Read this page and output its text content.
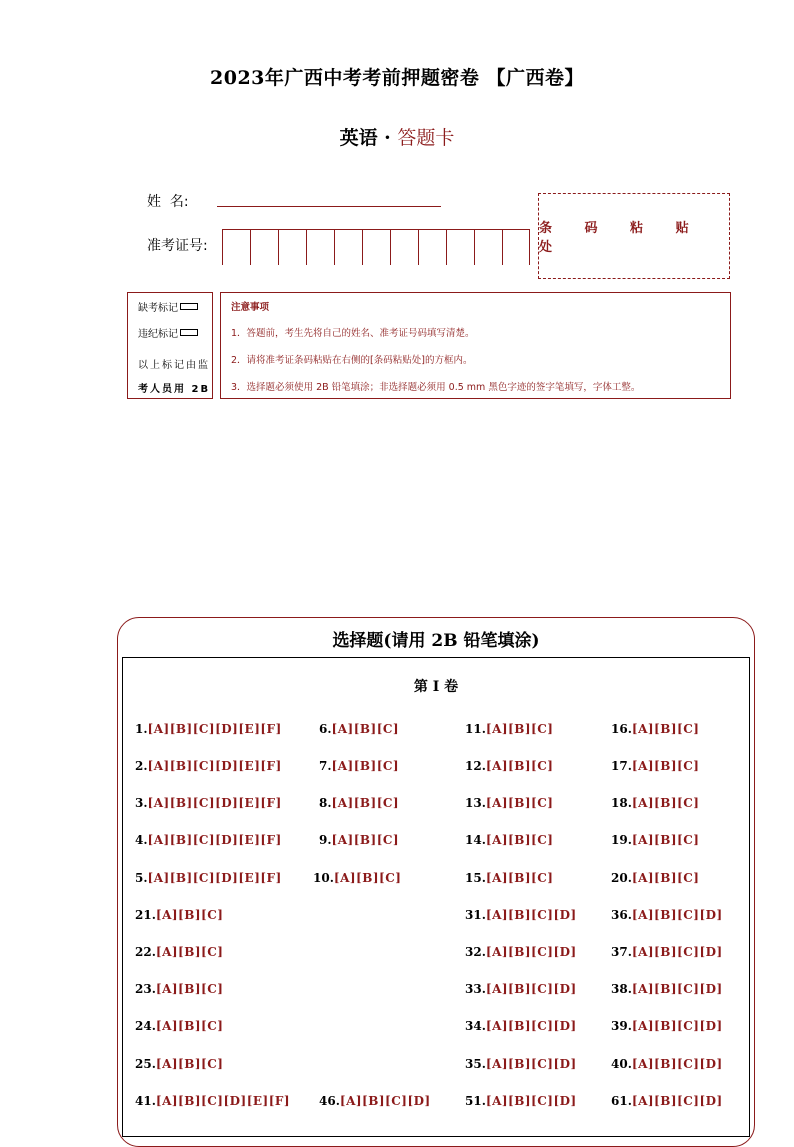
2023年广西中考考前押题密卷 【广西卷】
英语 · 答题卡
姓  名:
准考证号:
条 码 粘 贴 处
缺考标记
违纪标记
以上标记由监
考人员用 2B
注意事项
1．答题前，考生先将自己的姓名、准考证号码填写清楚。
2．请将准考证条码粘贴在右侧的[条码粘贴处]的方框内。
3．选择题必须使用 2B 铅笔填涂；非选择题必须用 0.5 mm 黑色字迹的签字笔填写，字体工整。
选择题(请用 2B 铅笔填涂)
第 I 卷
1.[A][B][C][D][E][F]
2.[A][B][C][D][E][F]
3.[A][B][C][D][E][F]
4.[A][B][C][D][E][F]
5.[A][B][C][D][E][F]
6.[A][B][C]
7.[A][B][C]
8.[A][B][C]
9.[A][B][C]
10.[A][B][C]
11.[A][B][C]
12.[A][B][C]
13.[A][B][C]
14.[A][B][C]
15.[A][B][C]
16.[A][B][C]
17.[A][B][C]
18.[A][B][C]
19.[A][B][C]
20.[A][B][C]
21.[A][B][C]
22.[A][B][C]
23.[A][B][C]
24.[A][B][C]
25.[A][B][C]
31.[A][B][C][D]
32.[A][B][C][D]
33.[A][B][C][D]
34.[A][B][C][D]
35.[A][B][C][D]
36.[A][B][C][D]
37.[A][B][C][D]
38.[A][B][C][D]
39.[A][B][C][D]
40.[A][B][C][D]
41.[A][B][C][D][E][F] 46.[A][B][C][D]	51.[A][B][C][D]	61.[A][B][C][D]
